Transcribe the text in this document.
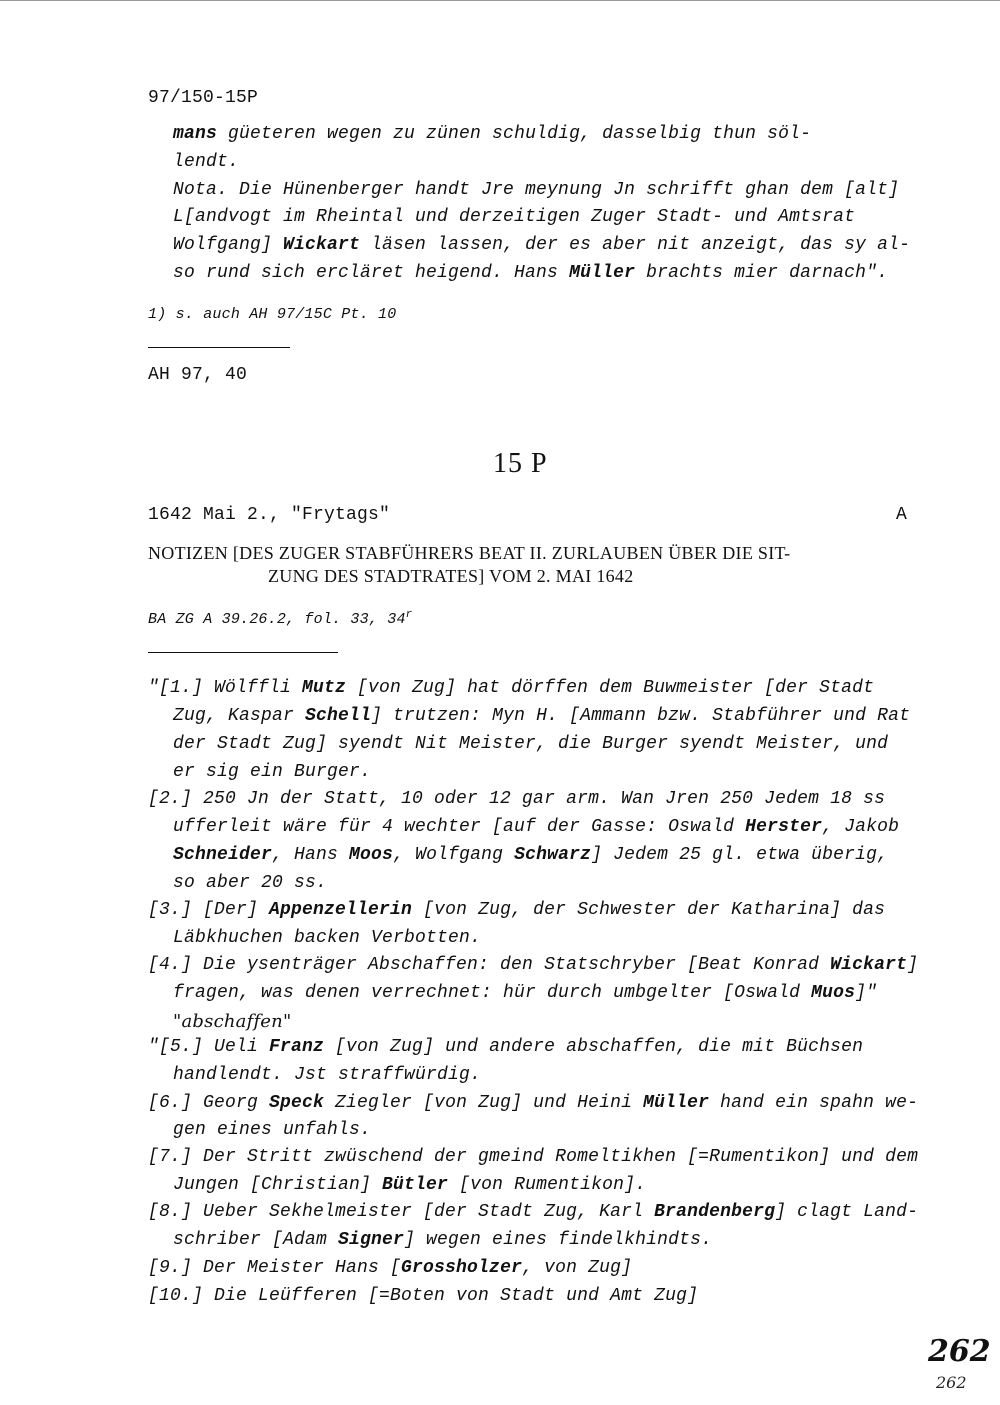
97/150-15P
mans güeteren wegen zu zünen schuldig, dasselbig thun söl-
lendt.
Nota. Die Hünenberger handt Jre meynung Jn schrifft ghan dem [alt]
L[andvogt im Rheintal und derzeitigen Zuger Stadt- und Amtsrat
Wolfgang] Wickart läsen lassen, der es aber nit anzeigt, das sy al-
so rund sich ercläret heigend. Hans Müller brachts mier darnach".
1) s. auch AH 97/15C Pt. 10
AH 97, 40
15 P
1642 Mai 2., "Frytags"	A
NOTIZEN [DES ZUGER STABFÜHRERS BEAT II. ZURLAUBEN ÜBER DIE SIT-
ZUNG DES STADTRATES] VOM 2. MAI 1642
BA ZG A 39.26.2, fol. 33, 34$^r$
"[1.] Wölffli Mutz [von Zug] hat dörffen dem Buwmeister [der Stadt
Zug, Kaspar Schell] trutzen: Myn H. [Ammann bzw. Stabführer und Rat
der Stadt Zug] syendt Nit Meister, die Burger syendt Meister, und
er sig ein Burger.
[2.] 250 Jn der Statt, 10 oder 12 gar arm. Wan Jren 250 Jedem 18 ss
ufferleit wäre für 4 wechter [auf der Gasse: Oswald Herster, Jakob
Schneider, Hans Moos, Wolfgang Schwarz] Jedem 25 gl. etwa überig,
so aber 20 ss.
[3.] [Der] Appenzellerin [von Zug, der Schwester der Katharina] das
Läbkhuchen backen Verbotten.
[4.] Die ysenträger Abschaffen: den Statschryber [Beat Konrad Wickart]
fragen, was denen verrechnet: hür durch umbgelter [Oswald Muos]"
"abschaffen"
"[5.] Ueli Franz [von Zug] und andere abschaffen, die mit Büchsen
handlendt. Jst straffwürdig.
[6.] Georg Speck Ziegler [von Zug] und Heini Müller hand ein spahn we-
gen eines unfahls.
[7.] Der Stritt zwüschend der gmeind Romeltikhen [=Rumentikon] und dem
Jungen [Christian] Bütler [von Rumentikon].
[8.] Ueber Sekhelmeister [der Stadt Zug, Karl Brandenberg] clagt Land-
schriber [Adam Signer] wegen eines findelkhindts.
[9.] Der Meister Hans [Grossholzer, von Zug]
[10.] Die Leüfferen [=Boten von Stadt und Amt Zug]
262
262
